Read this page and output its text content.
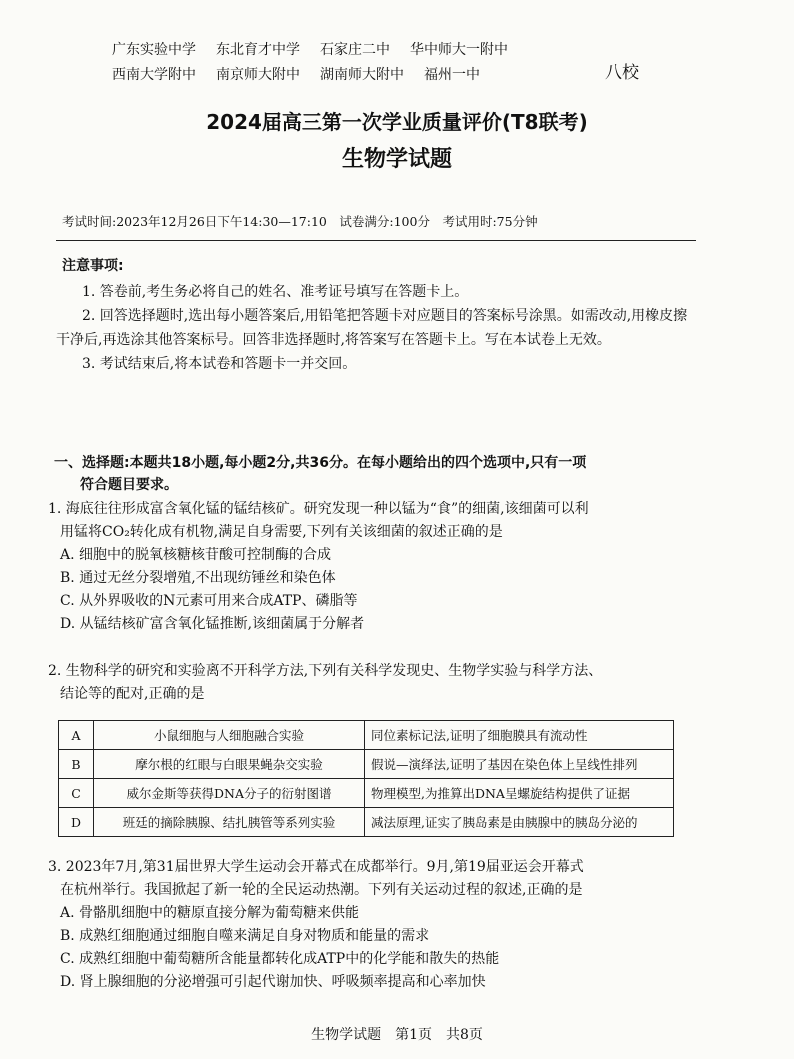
广东实验中学 东北育才中学 石家庄二中 华中师大一附中
西南大学附中 南京师大附中 湖南师大附中 福州一中	八校
2024届高三第一次学业质量评价(T8联考)
生物学试题
考试时间:2023年12月26日下午14:30—17:10　试卷满分:100分　考试用时:75分钟
注意事项:

1. 答卷前,考生务必将自己的姓名、准考证号填写在答题卡上。

2. 回答选择题时,选出每小题答案后,用铅笔把答题卡对应题目的答案标号涂黑。如需改动,用橡皮擦干净后,再选涂其他答案标号。回答非选择题时,将答案写在答题卡上。写在本试卷上无效。

3. 考试结束后,将本试卷和答题卡一并交回。

一、选择题:本题共18小题,每小题2分,共36分。在每小题给出的四个选项中,只有一项
符合题目要求。

1. 海底往往形成富含氧化锰的锰结核矿。研究发现一种以锰为“食”的细菌,该细菌可以利

用锰将CO₂转化成有机物,满足自身需要,下列有关该细菌的叙述正确的是

A. 细胞中的脱氧核糖核苷酸可控制酶的合成

B. 通过无丝分裂增殖,不出现纺锤丝和染色体

C. 从外界吸收的N元素可用来合成ATP、磷脂等

D. 从锰结核矿富含氧化锰推断,该细菌属于分解者

2. 生物科学的研究和实验离不开科学方法,下列有关科学发现史、生物学实验与科学方法、

结论等的配对,正确的是

A	小鼠细胞与人细胞融合实验	同位素标记法,证明了细胞膜具有流动性
B	摩尔根的红眼与白眼果蝇杂交实验	假说—演绎法,证明了基因在染色体上呈线性排列
C	威尔金斯等获得DNA分子的衍射图谱	物理模型,为推算出DNA呈螺旋结构提供了证据
D	班廷的摘除胰腺、结扎胰管等系列实验	减法原理,证实了胰岛素是由胰腺中的胰岛分泌的

3. 2023年7月,第31届世界大学生运动会开幕式在成都举行。9月,第19届亚运会开幕式

在杭州举行。我国掀起了新一轮的全民运动热潮。下列有关运动过程的叙述,正确的是

A. 骨骼肌细胞中的糖原直接分解为葡萄糖来供能

B. 成熟红细胞通过细胞自噬来满足自身对物质和能量的需求

C. 成熟红细胞中葡萄糖所含能量都转化成ATP中的化学能和散失的热能

D. 肾上腺细胞的分泌增强可引起代谢加快、呼吸频率提高和心率加快

生物学试题　第1页　共8页
